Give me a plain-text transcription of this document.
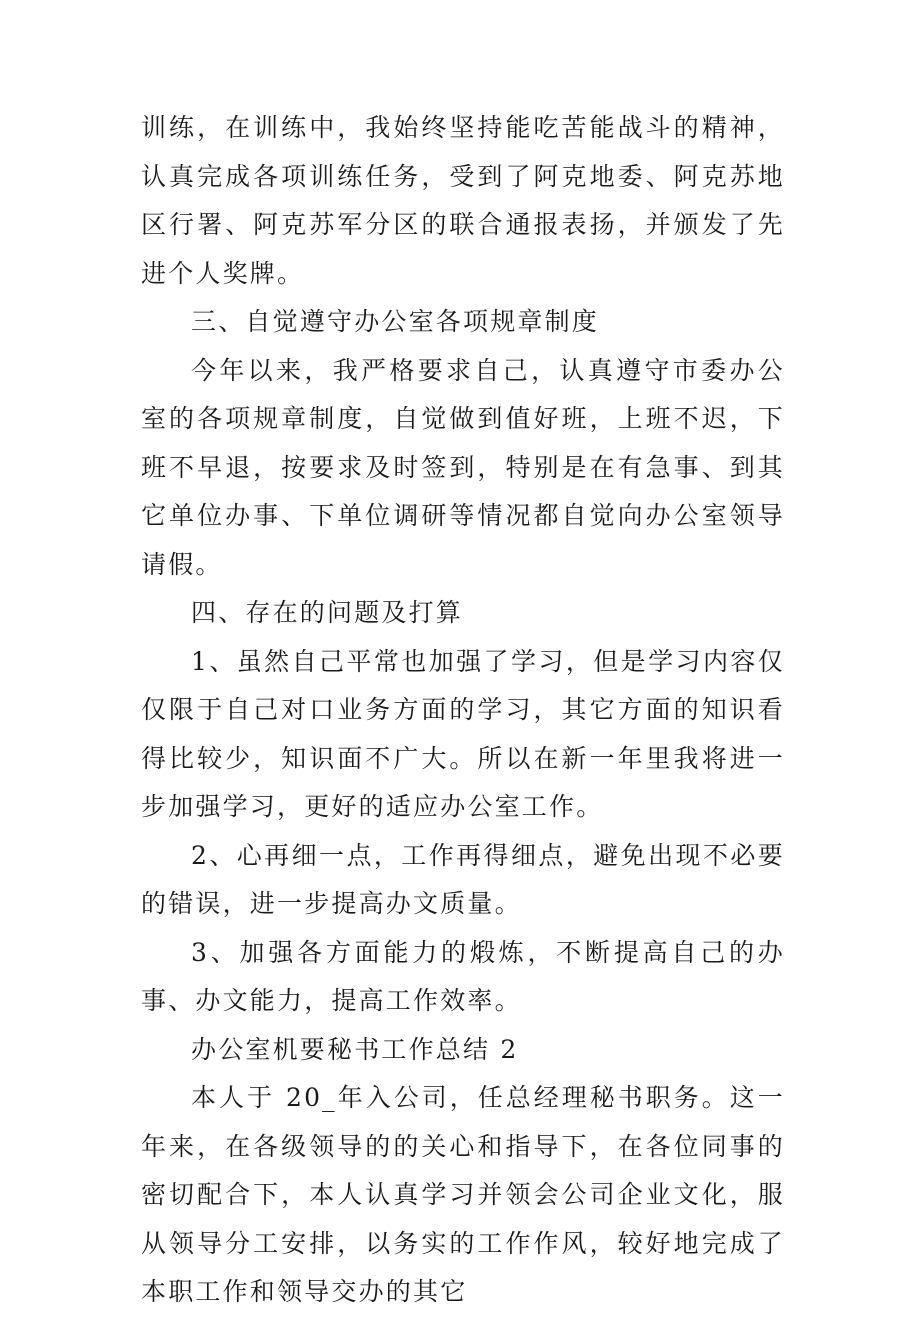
训练，在训练中，我始终坚持能吃苦能战斗的精神，认真完成各项训练任务，受到了阿克地委、阿克苏地区行署、阿克苏军分区的联合通报表扬，并颁发了先进个人奖牌。

三、自觉遵守办公室各项规章制度

今年以来，我严格要求自己，认真遵守市委办公室的各项规章制度，自觉做到值好班，上班不迟，下班不早退，按要求及时签到，特别是在有急事、到其它单位办事、下单位调研等情况都自觉向办公室领导请假。

四、存在的问题及打算

1、虽然自己平常也加强了学习，但是学习内容仅仅限于自己对口业务方面的学习，其它方面的知识看得比较少，知识面不广大。所以在新一年里我将进一步加强学习，更好的适应办公室工作。

2、心再细一点，工作再得细点，避免出现不必要的错误，进一步提高办文质量。

3、加强各方面能力的煅炼，不断提高自己的办事、办文能力，提高工作效率。

办公室机要秘书工作总结 2

本人于 20_年入公司，任总经理秘书职务。这一年来，在各级领导的的关心和指导下，在各位同事的密切配合下，本人认真学习并领会公司企业文化，服从领导分工安排，以务实的工作作风，较好地完成了本职工作和领导交办的其它
